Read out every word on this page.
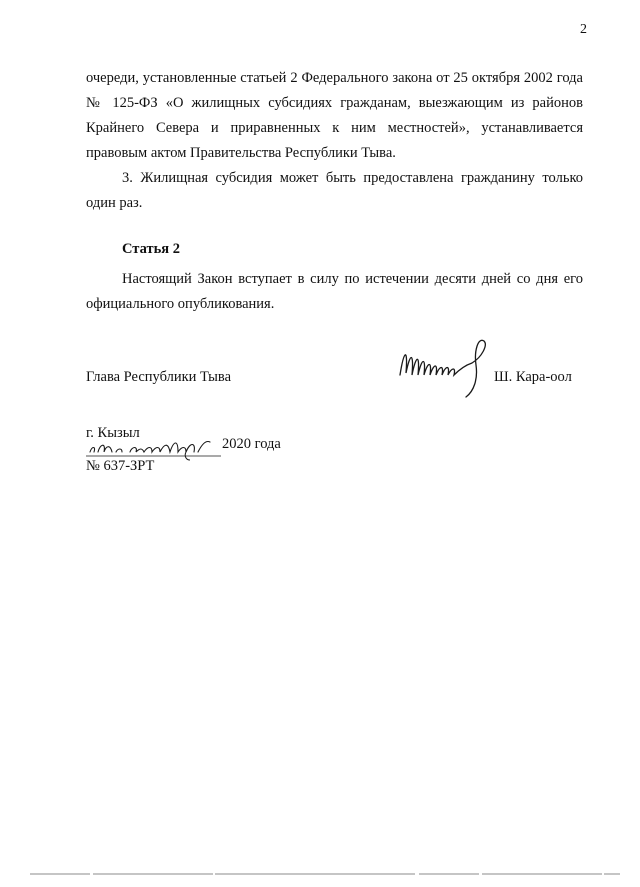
2

очереди, установленные статьей 2 Федерального закона от 25 октября 2002 года № 125-ФЗ «О жилищных субсидиях гражданам, выезжающим из районов Крайнего Севера и приравненных к ним местностей», устанавливается правовым актом Правительства Республики Тыва.

3. Жилищная субсидия может быть предоставлена гражданину только один раз.

Статья 2
Настоящий Закон вступает в силу по истечении десяти дней со дня его официального опубликования.
Глава Республики Тыва	Ш. Кара-оол
г. Кызыл
2020 года
№ 637-ЗРТ
